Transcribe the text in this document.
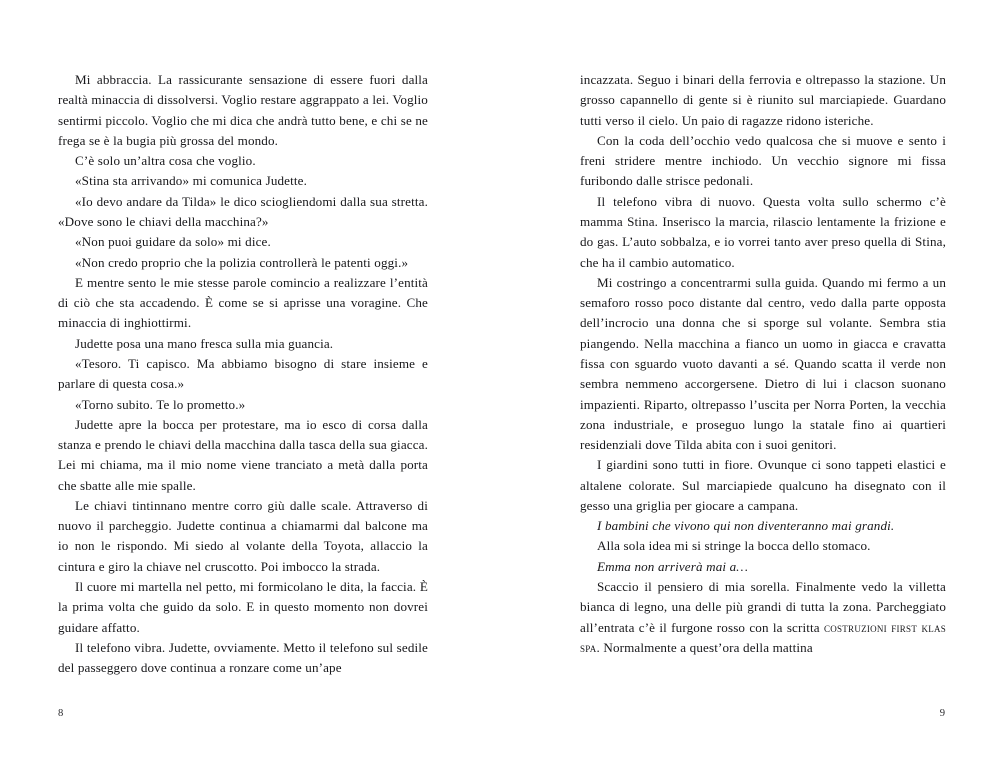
Mi abbraccia. La rassicurante sensazione di essere fuori dalla realtà minaccia di dissolversi. Voglio restare aggrappato a lei. Voglio sentirmi piccolo. Voglio che mi dica che andrà tutto bene, e chi se ne frega se è la bugia più grossa del mondo.

C’è solo un’altra cosa che voglio.

«Stina sta arrivando» mi comunica Judette.

«Io devo andare da Tilda» le dico sciogliendomi dalla sua stretta. «Dove sono le chiavi della macchina?»

«Non puoi guidare da solo» mi dice.

«Non credo proprio che la polizia controllerà le patenti oggi.»

E mentre sento le mie stesse parole comincio a realizzare l’entità di ciò che sta accadendo. È come se si aprisse una voragine. Che minaccia di inghiottirmi.

Judette posa una mano fresca sulla mia guancia.

«Tesoro. Ti capisco. Ma abbiamo bisogno di stare insieme e parlare di questa cosa.»

«Torno subito. Te lo prometto.»

Judette apre la bocca per protestare, ma io esco di corsa dalla stanza e prendo le chiavi della macchina dalla tasca della sua giacca. Lei mi chiama, ma il mio nome viene tranciato a metà dalla porta che sbatte alle mie spalle.

Le chiavi tintinnano mentre corro giù dalle scale. Attraverso di nuovo il parcheggio. Judette continua a chiamarmi dal balcone ma io non le rispondo. Mi siedo al volante della Toyota, allaccio la cintura e giro la chiave nel cruscotto. Poi imbocco la strada.

Il cuore mi martella nel petto, mi formicolano le dita, la faccia. È la prima volta che guido da solo. E in questo momento non dovrei guidare affatto.

Il telefono vibra. Judette, ovviamente. Metto il telefono sul sedile del passeggero dove continua a ronzare come un’ape

8

incazzata. Seguo i binari della ferrovia e oltrepasso la stazione. Un grosso capannello di gente si è riunito sul marciapiede. Guardano tutti verso il cielo. Un paio di ragazze ridono isteriche.

Con la coda dell’occhio vedo qualcosa che si muove e sento i freni stridere mentre inchiodo. Un vecchio signore mi fissa furibondo dalle strisce pedonali.

Il telefono vibra di nuovo. Questa volta sullo schermo c’è mamma Stina. Inserisco la marcia, rilascio lentamente la frizione e do gas. L’auto sobbalza, e io vorrei tanto aver preso quella di Stina, che ha il cambio automatico.

Mi costringo a concentrarmi sulla guida. Quando mi fermo a un semaforo rosso poco distante dal centro, vedo dalla parte opposta dell’incrocio una donna che si sporge sul volante. Sembra stia piangendo. Nella macchina a fianco un uomo in giacca e cravatta fissa con sguardo vuoto davanti a sé. Quando scatta il verde non sembra nemmeno accorgersene. Dietro di lui i clacson suonano impazienti. Riparto, oltrepasso l’uscita per Norra Porten, la vecchia zona industriale, e proseguo lungo la statale fino ai quartieri residenziali dove Tilda abita con i suoi genitori.

I giardini sono tutti in fiore. Ovunque ci sono tappeti elastici e altalene colorate. Sul marciapiede qualcuno ha disegnato con il gesso una griglia per giocare a campana.

I bambini che vivono qui non diventeranno mai grandi.

Alla sola idea mi si stringe la bocca dello stomaco.

Emma non arriverà mai a…

Scaccio il pensiero di mia sorella. Finalmente vedo la villetta bianca di legno, una delle più grandi di tutta la zona. Parcheggiato all’entrata c’è il furgone rosso con la scritta costruzioni first klas spa. Normalmente a quest’ora della mattina

9
